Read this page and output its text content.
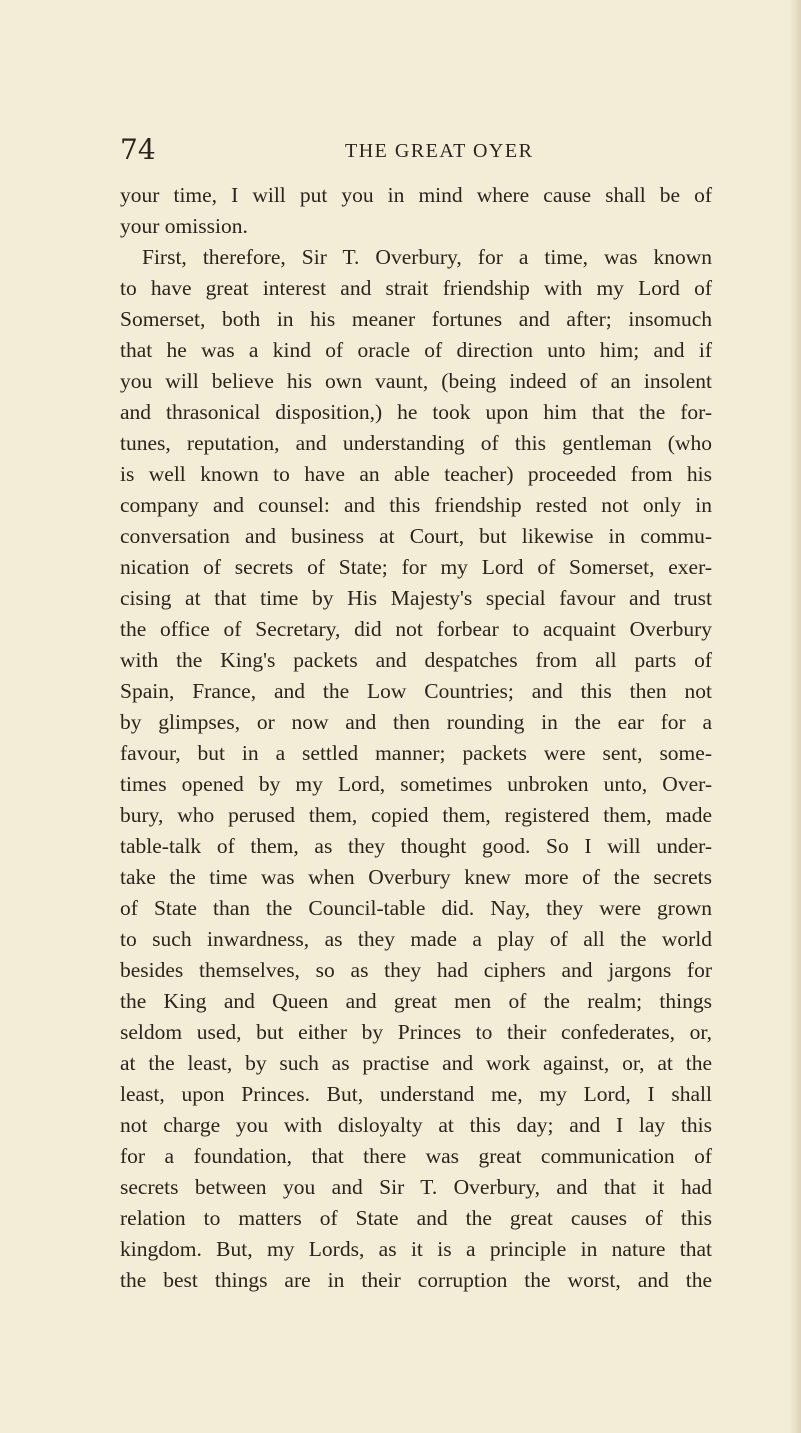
74	THE GREAT OYER
your time, I will put you in mind where cause shall be of
your omission.
First, therefore, Sir T. Overbury, for a time, was known
to have great interest and strait friendship with my Lord of
Somerset, both in his meaner fortunes and after; insomuch
that he was a kind of oracle of direction unto him; and if
you will believe his own vaunt, (being indeed of an insolent
and thrasonical disposition,) he took upon him that the for-
tunes, reputation, and understanding of this gentleman (who
is well known to have an able teacher) proceeded from his
company and counsel: and this friendship rested not only in
conversation and business at Court, but likewise in commu-
nication of secrets of State; for my Lord of Somerset, exer-
cising at that time by His Majesty's special favour and trust
the office of Secretary, did not forbear to acquaint Overbury
with the King's packets and despatches from all parts of
Spain, France, and the Low Countries; and this then not
by glimpses, or now and then rounding in the ear for a
favour, but in a settled manner; packets were sent, some-
times opened by my Lord, sometimes unbroken unto, Over-
bury, who perused them, copied them, registered them, made
table-talk of them, as they thought good. So I will under-
take the time was when Overbury knew more of the secrets
of State than the Council-table did. Nay, they were grown
to such inwardness, as they made a play of all the world
besides themselves, so as they had ciphers and jargons for
the King and Queen and great men of the realm; things
seldom used, but either by Princes to their confederates, or,
at the least, by such as practise and work against, or, at the
least, upon Princes. But, understand me, my Lord, I shall
not charge you with disloyalty at this day; and I lay this
for a foundation, that there was great communication of
secrets between you and Sir T. Overbury, and that it had
relation to matters of State and the great causes of this
kingdom. But, my Lords, as it is a principle in nature that
the best things are in their corruption the worst, and the
